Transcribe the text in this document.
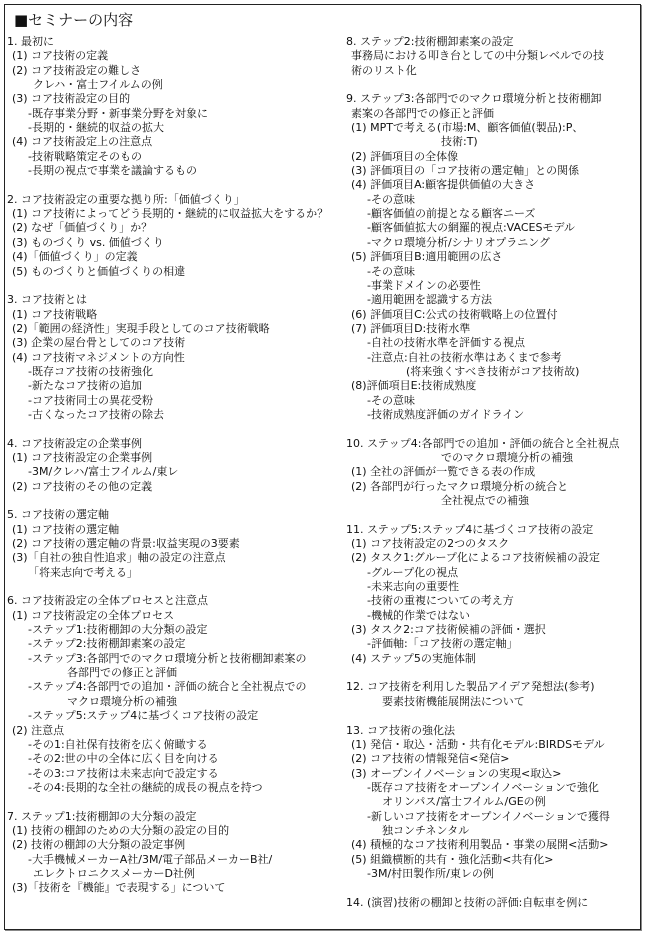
■セミナーの内容
1. 最初に
(1) コア技術の定義
(2) コア技術設定の難しさ
クレハ・富士フイルムの例
(3) コア技術設定の目的
-既存事業分野・新事業分野を対象に
-長期的・継続的収益の拡大
(4) コア技術設定上の注意点
-技術戦略策定そのもの
-長期の視点で事業を議論するもの
2. コア技術設定の重要な拠り所:「価値づくり」
(1) コア技術によってどう長期的・継続的に収益拡大をするか？
(2) なぜ「価値づくり」か？
(3) ものづくり vs. 価値づくり
(4)「価値づくり」の定義
(5) ものづくりと価値づくりの相違
3. コア技術とは
(1) コア技術戦略
(2)「範囲の経済性」実現手段としてのコア技術戦略
(3) 企業の屋台骨としてのコア技術
(4) コア技術マネジメントの方向性
-既存コア技術の技術強化
-新たなコア技術の追加
-コア技術同士の異花受粉
-古くなったコア技術の除去
4. コア技術設定の企業事例
(1) コア技術設定の企業事例
-3M/クレハ/富士フイルム/東レ
(2) コア技術のその他の定義
5. コア技術の選定軸
(1) コア技術の選定軸
(2) コア技術の選定軸の背景:収益実現の3要素
(3)「自社の独自性追求」軸の設定の注意点
「将来志向で考える」
6. コア技術設定の全体プロセスと注意点
(1) コア技術設定の全体プロセス
-ステップ1:技術棚卸の大分類の設定
-ステップ2:技術棚卸素案の設定
-ステップ3:各部門でのマクロ環境分析と技術棚卸素案の
各部門での修正と評価
-ステップ4:各部門での追加・評価の統合と全社視点での
マクロ環境分析の補強
-ステップ5:ステップ4に基づくコア技術の設定
(2) 注意点
-その1:自社保有技術を広く俯瞰する
-その2:世の中の全体に広く目を向ける
-その3:コア技術は未来志向で設定する
-その4:長期的な全社の継続的成長の視点を持つ
7. ステップ1:技術棚卸の大分類の設定
(1) 技術の棚卸のための大分類の設定の目的
(2) 技術の棚卸の大分類の設定事例
-大手機械メーカーA社/3M/電子部品メーカーB社/
エレクトロニクスメーカーD社例
(3)「技術を『機能』で表現する」について
8. ステップ2:技術棚卸素案の設定
事務局における叩き台としての中分類レベルでの技
術のリスト化
9. ステップ3:各部門でのマクロ環境分析と技術棚卸
素案の各部門での修正と評価
(1) MPTで考える(市場:M、顧客価値(製品):P、
技術:T)
(2) 評価項目の全体像
(3) 評価項目の「コア技術の選定軸」との関係
(4) 評価項目A:顧客提供価値の大きさ
-その意味
-顧客価値の前提となる顧客ニーズ
-顧客価値拡大の網羅的視点:VACESモデル
-マクロ環境分析/シナリオプラニング
(5) 評価項目B:適用範囲の広さ
-その意味
-事業ドメインの必要性
-適用範囲を認識する方法
(6) 評価項目C:公式の技術戦略上の位置付
(7) 評価項目D:技術水準
-自社の技術水準を評価する視点
-注意点:自社の技術水準はあくまで参考
(将来強くすべき技術がコア技術故)
(8)評価項目E:技術成熟度
-その意味
-技術成熟度評価のガイドライン
10. ステップ4:各部門での追加・評価の統合と全社視点
でのマクロ環境分析の補強
(1) 全社の評価が一覧できる表の作成
(2) 各部門が行ったマクロ環境分析の統合と
全社視点での補強
11. ステップ5:ステップ4に基づくコア技術の設定
(1) コア技術設定の2つのタスク
(2) タスク1:グループ化によるコア技術候補の設定
-グループ化の視点
-未来志向の重要性
-技術の重複についての考え方
-機械的作業ではない
(3) タスク2:コア技術候補の評価・選択
-評価軸:「コア技術の選定軸」
(4) ステップ5の実施体制
12. コア技術を利用した製品アイデア発想法(参考)
要素技術機能展開法について
13. コア技術の強化法
(1) 発信・取込・活動・共有化モデル:BIRDSモデル
(2) コア技術の情報発信<発信>
(3) オープンイノベーションの実現<取込>
-既存コア技術をオープンイノベーションで強化
オリンパス/富士フイルム/GEの例
-新しいコア技術をオープンイノベーションで獲得
独コンチネンタル
(4) 積極的なコア技術利用製品・事業の展開<活動>
(5) 組織横断的共有・強化活動<共有化>
-3M/村田製作所/東レの例
14. (演習)技術の棚卸と技術の評価:自転車を例に
